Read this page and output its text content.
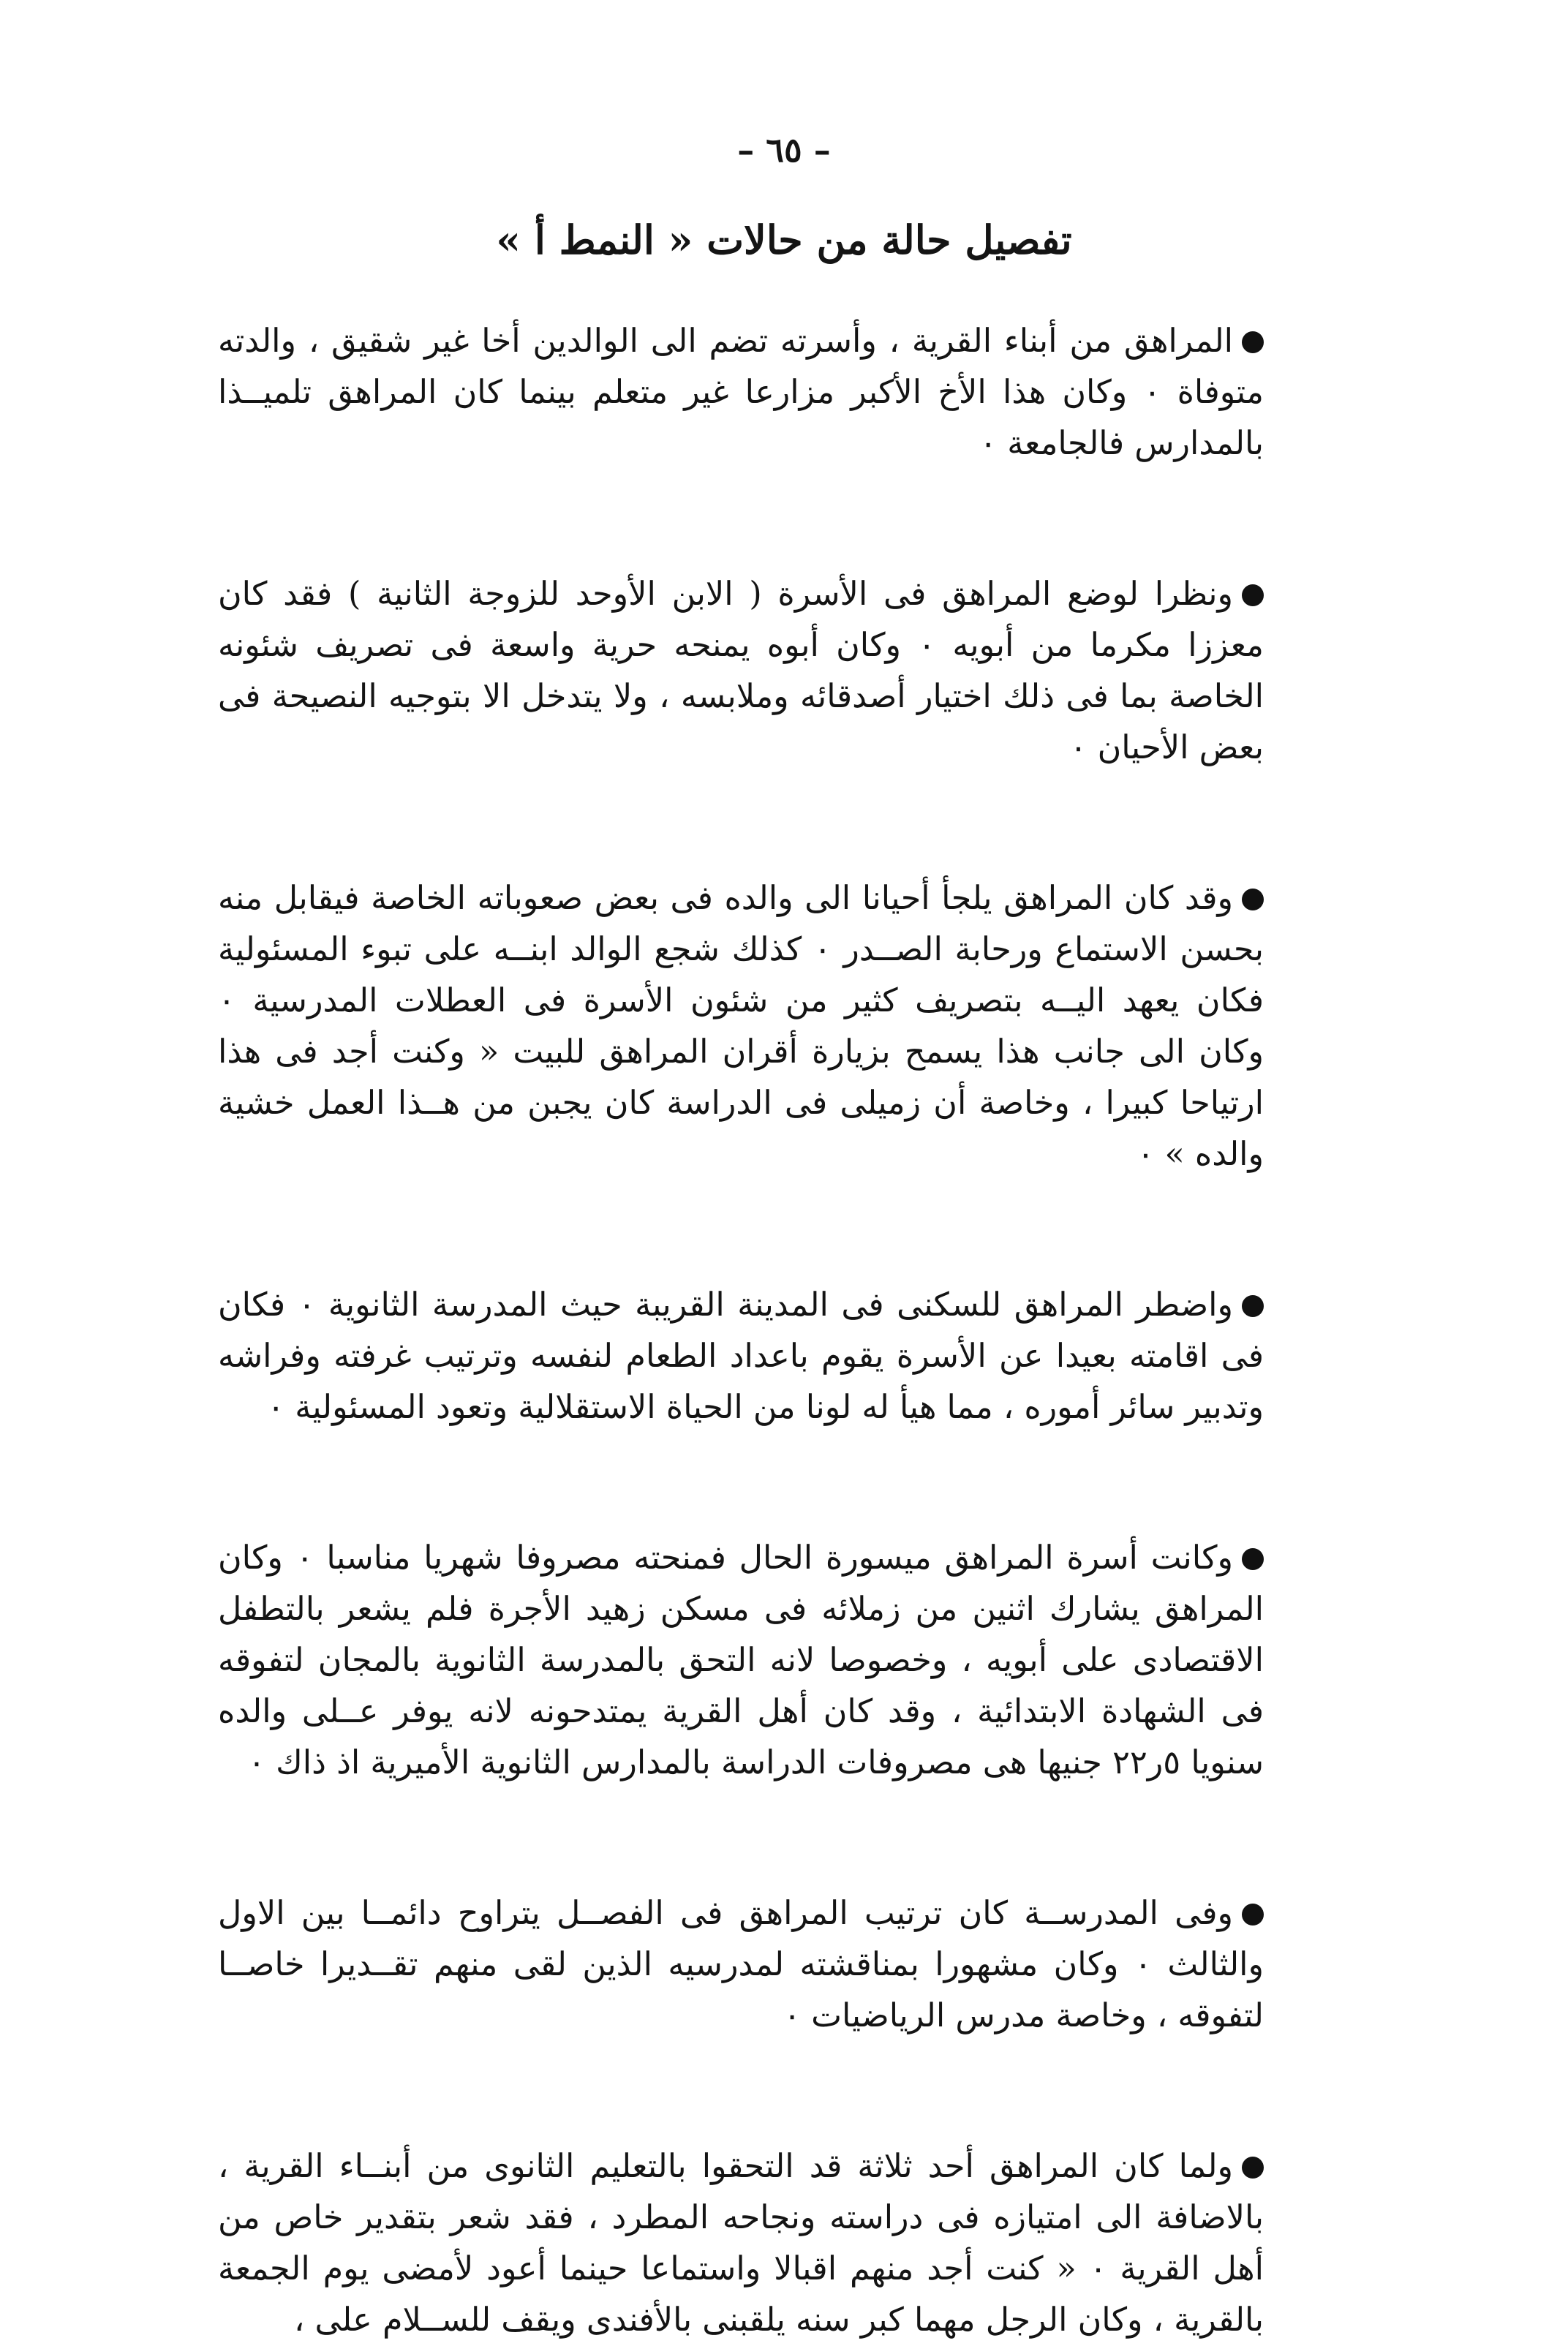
– ٦٥ –
تفصيل حالة من حالات « النمط أ »

المراهق من أبناء القرية ، وأسرته تضم الى الوالدين أخا غير شقيق ، والدته متوفاة ٠ وكان هذا الأخ الأكبر مزارعا غير متعلم بينما كان المراهق تلميــذا بالمدارس فالجامعة ٠

ونظرا لوضع المراهق فى الأسرة ( الابن الأوحد للزوجة الثانية ) فقد كان معززا مكرما من أبويه ٠ وكان أبوه يمنحه حرية واسعة فى تصريف شئونه الخاصة بما فى ذلك اختيار أصدقائه وملابسه ، ولا يتدخل الا بتوجيه النصيحة فى بعض الأحيان ٠

وقد كان المراهق يلجأ أحيانا الى والده فى بعض صعوباته الخاصة فيقابل منه بحسن الاستماع ورحابة الصــدر ٠ كذلك شجع الوالد ابنــه على تبوء المسئولية فكان يعهد اليــه بتصريف كثير من شئون الأسرة فى العطلات المدرسية ٠ وكان الى جانب هذا يسمح بزيارة أقران المراهق للبيت « وكنت أجد فى هذا ارتياحا كبيرا ، وخاصة أن زميلى فى الدراسة كان يجبن من هــذا العمل خشية والده » ٠

واضطر المراهق للسكنى فى المدينة القريبة حيث المدرسة الثانوية ٠ فكان فى اقامته بعيدا عن الأسرة يقوم باعداد الطعام لنفسه وترتيب غرفته وفراشه وتدبير سائر أموره ، مما هيأ له لونا من الحياة الاستقلالية وتعود المسئولية ٠

وكانت أسرة المراهق ميسورة الحال فمنحته مصروفا شهريا مناسبا ٠ وكان المراهق يشارك اثنين من زملائه فى مسكن زهيد الأجرة فلم يشعر بالتطفل الاقتصادى على أبويه ، وخصوصا لانه التحق بالمدرسة الثانوية بالمجان لتفوقه فى الشهادة الابتدائية ، وقد كان أهل القرية يمتدحونه لانه يوفر عــلى والده سنويا ٥ر٢٢ جنيها هى مصروفات الدراسة بالمدارس الثانوية الأميرية اذ ذاك ٠

وفى المدرســة كان ترتيب المراهق فى الفصــل يتراوح دائمــا بين الاول والثالث ٠ وكان مشهورا بمناقشته لمدرسيه الذين لقى منهم تقــديرا خاصــا لتفوقه ، وخاصة مدرس الرياضيات ٠

ولما كان المراهق أحد ثلاثة قد التحقوا بالتعليم الثانوى من أبنــاء القرية ، بالاضافة الى امتيازه فى دراسته ونجاحه المطرد ، فقد شعر بتقدير خاص من أهل القرية ٠ « كنت أجد منهم اقبالا واستماعا حينما أعود لأمضى يوم الجمعة بالقرية ، وكان الرجل مهما كبر سنه يلقبنى بالأفندى ويقف للســلام على ،
